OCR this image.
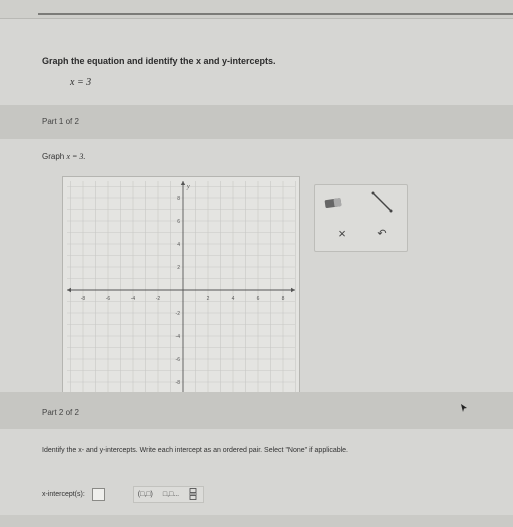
Graph the equation and identify the x and y-intercepts.
x = 3
Part 1 of 2
Graph x = 3.
-8	-6	-4	-2	2	4	6	8
8
6
4
2
-2
-4
-6
-8
y
×	↶
Part 2 of 2
Identify the x- and y-intercepts. Write each intercept as an ordered pair. Select "None" if applicable.
x-intercept(s):	(□,□) □,□...
